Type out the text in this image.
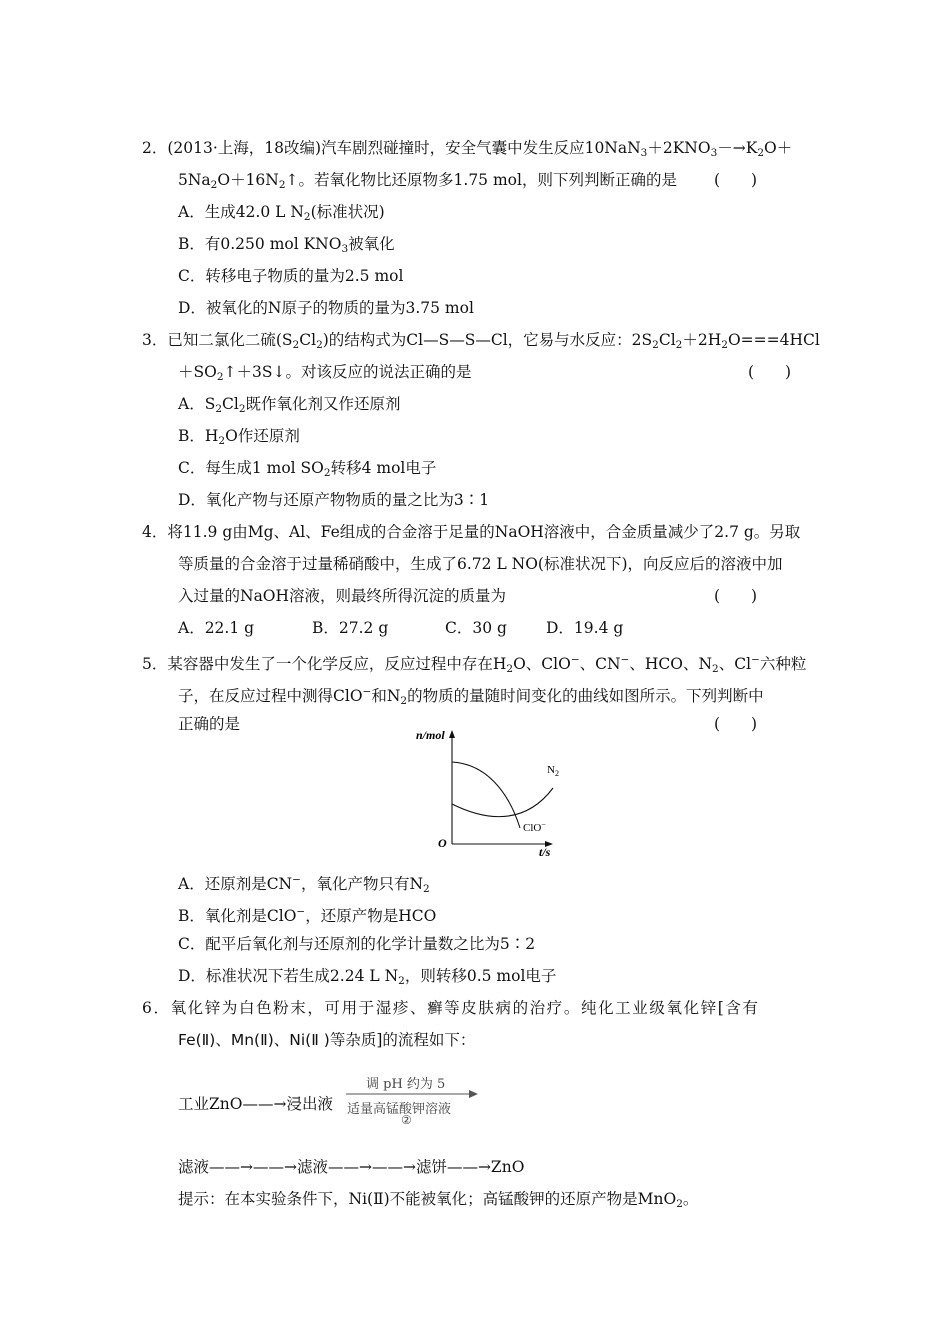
2．(2013·上海，18改编)汽车剧烈碰撞时，安全气囊中发生反应$10NaN_3+2KNO_3-\to K_2O+$
$5Na_2O+16N_2↑$。若氧化物比还原物多1.75 mol，则下列判断正确的是 (　　)
A．生成42.0 L $N_2$(标准状况)
B．有0.250 mol $KNO_3$被氧化
C．转移电子物质的量为2.5 mol
D．被氧化的N原子的物质的量为3.75 mol
3．已知二氯化二硫$(S_2Cl_2)$的结构式为Cl—S—S—Cl，它易与水反应：$2S_2Cl_2+2H_2O===4HCl$
$+SO_2↑+3S↓$。对该反应的说法正确的是	(　　)
A．$S_2Cl_2$既作氧化剂又作还原剂
B．$H_2O$作还原剂
C．每生成1 mol $SO_2$转移4 mol电子
D．氧化产物与还原产物物质的量之比为3∶1
4．将11.9 g由Mg、Al、Fe组成的合金溶于足量的NaOH溶液中，合金质量减少了2.7 g。另取
等质量的合金溶于过量稀硝酸中，生成了6.72 L NO(标准状况下)，向反应后的溶液中加
入过量的NaOH溶液，则最终所得沉淀的质量为	(　　)
A．22.1 g	B．27.2 g	C．30 g	D．19.4 g
5．某容器中发生了一个化学反应，反应过程中存在$H_2O$、ClO−、CN−、HCO、$N_2$、Cl−六种粒
子，在反应过程中测得ClO−和$N_2$的物质的量随时间变化的曲线如图所示。下列判断中
正确的是	(　　)
n/mol
t/s
O
$N_2$
ClO−
A．还原剂是CN−，氧化产物只有$N_2$
B．氧化剂是ClO−，还原产物是HCO
C．配平后氧化剂与还原剂的化学计量数之比为5∶2
D．标准状况下若生成2.24 L $N_2$，则转移0.5 mol电子
6．氧化锌为白色粉末，可用于湿疹、癣等皮肤病的治疗。纯化工业级氧化锌[含有
Fe(Ⅱ)、Mn(Ⅱ)、Ni(Ⅱ )等杂质]的流程如下：
工业ZnO——→浸出液
调 pH 约为 5
适量高锰酸钾溶液
②
滤液——→——→滤液——→——→滤饼——→ZnO
提示：在本实验条件下，Ni(Ⅱ)不能被氧化；高锰酸钾的还原产物是MnO$_2$。
